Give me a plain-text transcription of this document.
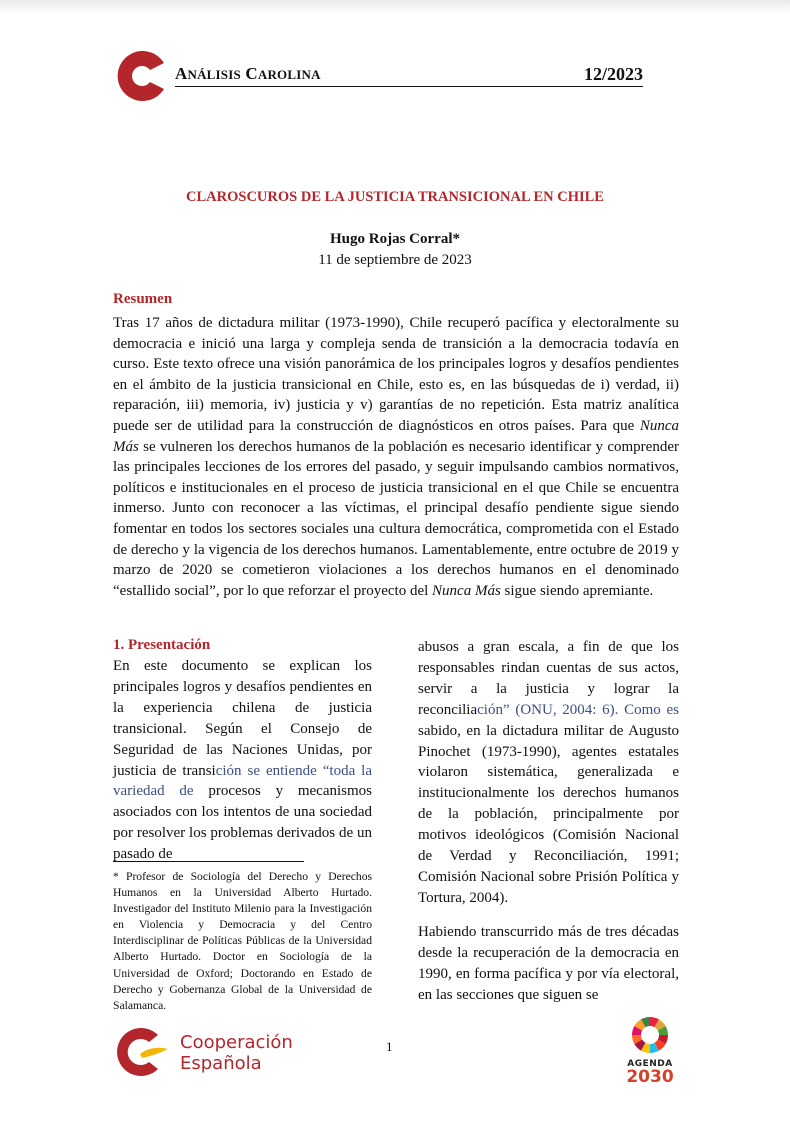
ANÁLISIS CAROLINA	12/2023
CLAROSCUROS DE LA JUSTICIA TRANSICIONAL EN CHILE
Hugo Rojas Corral*
11 de septiembre de 2023
Resumen

Tras 17 años de dictadura militar (1973-1990), Chile recuperó pacífica y electoralmente su democracia e inició una larga y compleja senda de transición a la democracia todavía en curso. Este texto ofrece una visión panorámica de los principales logros y desafíos pendientes en el ámbito de la justicia transicional en Chile, esto es, en las búsquedas de i) verdad, ii) reparación, iii) memoria, iv) justicia y v) garantías de no repetición. Esta matriz analítica puede ser de utilidad para la construcción de diagnósticos en otros países. Para que Nunca Más se vulneren los derechos humanos de la población es necesario identificar y comprender las principales lecciones de los errores del pasado, y seguir impulsando cambios normativos, políticos e institucionales en el proceso de justicia transicional en el que Chile se encuentra inmerso. Junto con reconocer a las víctimas, el principal desafío pendiente sigue siendo fomentar en todos los sectores sociales una cultura democrática, comprometida con el Estado de derecho y la vigencia de los derechos humanos. Lamentablemente, entre octubre de 2019 y marzo de 2020 se cometieron violaciones a los derechos humanos en el denominado “estallido social”, por lo que reforzar el proyecto del Nunca Más sigue siendo apremiante.

1. Presentación

En este documento se explican los principales logros y desafíos pendientes en la experiencia chilena de justicia transicional. Según el Consejo de Seguridad de las Naciones Unidas, por justicia de transición se entiende “toda la variedad de procesos y mecanismos asociados con los intentos de una sociedad por resolver los problemas derivados de un pasado de

abusos a gran escala, a fin de que los responsables rindan cuentas de sus actos, servir a la justicia y lograr la reconciliación” (ONU, 2004: 6). Como es sabido, en la dictadura militar de Augusto Pinochet (1973-1990), agentes estatales violaron sistemática, generalizada e institucionalmente los derechos humanos de la población, principalmente por motivos ideológicos (Comisión Nacional de Verdad y Reconciliación, 1991; Comisión Nacional sobre Prisión Política y Tortura, 2004).

Habiendo transcurrido más de tres décadas desde la recuperación de la democracia en 1990, en forma pacífica y por vía electoral, en las secciones que siguen se

* Profesor de Sociología del Derecho y Derechos Humanos en la Universidad Alberto Hurtado. Investigador del Instituto Milenio para la Investigación en Violencia y Democracia y del Centro Interdisciplinar de Políticas Públicas de la Universidad Alberto Hurtado. Doctor en Sociología de la Universidad de Oxford; Doctorando en Estado de Derecho y Gobernanza Global de la Universidad de Salamanca.

Cooperación
Española
1
AGENDA
2030
